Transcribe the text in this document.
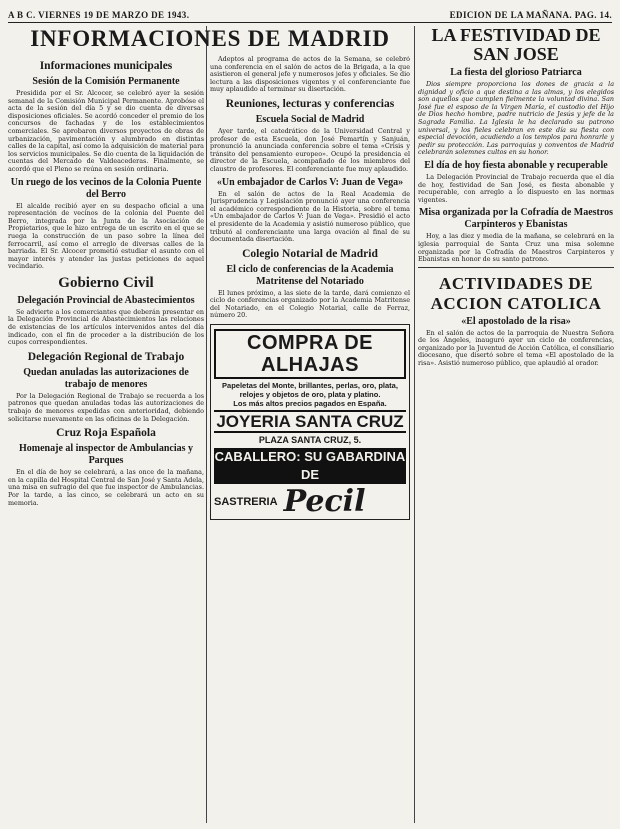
A B C. VIERNES 19 DE MARZO DE 1943.	EDICION DE LA MAÑANA. PAG. 14.
INFORMACIONES DE MADRID
Informaciones municipales
Sesión de la Comisión Permanente

Presidida por el Sr. Alcocer, se celebró ayer la sesión semanal de la Comisión Municipal Permanente. Aprobóse el acta de la sesión del día 5 y se dio cuenta de diversas disposiciones oficiales. Se acordó conceder el premio de los concursos de fachadas y de los establecimientos comerciales. Se aprobaron diversos proyectos de obras de urbanización, pavimentación y alumbrado en distintas calles de la capital, así como la adquisición de material para los servicios municipales. Se dio cuenta de la liquidación de cuentas del Mercado de Valdeacederas. Finalmente, se acordó que el Pleno se reúna en sesión ordinaria.

Un ruego de los vecinos de la Colonia Puente del Berro

El alcalde recibió ayer en su despacho oficial a una representación de vecinos de la colonia del Puente del Berro, integrada por la Junta de la Asociación de Propietarios, que le hizo entrega de un escrito en el que se ruega la construcción de un paso sobre la línea del ferrocarril, así como el arreglo de diversas calles de la barriada. El Sr. Alcocer prometió estudiar el asunto con el mayor interés y atender las justas peticiones de aquel vecindario.

Gobierno Civil
Delegación Provincial de Abastecimientos

Se advierte a los comerciantes que deberán presentar en la Delegación Provincial de Abastecimientos las relaciones de existencias de los artículos intervenidos antes del día indicado, con el fin de proceder a la distribución de los cupos correspondientes.

Delegación Regional de Trabajo
Quedan anuladas las autorizaciones de trabajo de menores

Por la Delegación Regional de Trabajo se recuerda a los patronos que quedan anuladas todas las autorizaciones de trabajo de menores expedidas con anterioridad, debiendo solicitarse nuevamente en las oficinas de la Delegación.

Cruz Roja Española
Homenaje al inspector de Ambulancias y Parques

En el día de hoy se celebrará, a las once de la mañana, en la capilla del Hospital Central de San José y Santa Adela, una misa en sufragio del que fue inspector de Ambulancias. Por la tarde, a las cinco, se celebrará un acto en su memoria.

Adeptos al programa de actos de la Semana, se celebró una conferencia en el salón de actos de la Brigada, a la que asistieron el general jefe y numerosos jefes y oficiales. Se dio lectura a las disposiciones vigentes y el conferenciante fue muy aplaudido al terminar su disertación.

Reuniones, lecturas y conferencias
Escuela Social de Madrid

Ayer tarde, el catedrático de la Universidad Central y profesor de esta Escuela, don José Pemartín y Sanjuán, pronunció la anunciada conferencia sobre el tema «Crisis y tránsito del pensamiento europeo». Ocupó la presidencia el director de la Escuela, acompañado de los miembros del claustro de profesores. El conferenciante fue muy aplaudido.

«Un embajador de Carlos V: Juan de Vega»

En el salón de actos de la Real Academia de Jurisprudencia y Legislación pronunció ayer una conferencia el académico correspondiente de la Historia, sobre el tema «Un embajador de Carlos V: Juan de Vega». Presidió el acto el presidente de la Academia y asistió numeroso público, que tributó al conferenciante una larga ovación al final de su documentada disertación.

Colegio Notarial de Madrid
El ciclo de conferencias de la Academia Matritense del Notariado

El lunes próximo, a las siete de la tarde, dará comienzo el ciclo de conferencias organizado por la Academia Matritense del Notariado, en el Colegio Notarial, calle de Ferraz, número 20.

COMPRA DE ALHAJAS
Papeletas del Monte, brillantes, perlas, oro, plata, relojes y objetos de oro, plata y platino.
Los más altos precios pagados en España.
JOYERIA SANTA CRUZ
PLAZA SANTA CRUZ, 5.
CABALLERO: SU GABARDINA DE
SASTRERIA Pecil
LA FESTIVIDAD DE
SAN JOSE
La fiesta del glorioso Patriarca

Dios siempre proporciona los dones de gracia a la dignidad y oficio a que destina a las almas, y los elegidos son aquellos que cumplen fielmente la voluntad divina. San José fue el esposo de la Virgen María, el custodio del Hijo de Dios hecho hombre, padre nutricio de Jesús y jefe de la Sagrada Familia. La Iglesia le ha declarado su patrono universal, y los fieles celebran en este día su fiesta con especial devoción, acudiendo a los templos para honrarle y pedir su protección. Las parroquias y conventos de Madrid celebrarán solemnes cultos en su honor.

El día de hoy fiesta abonable y recuperable

La Delegación Provincial de Trabajo recuerda que el día de hoy, festividad de San José, es fiesta abonable y recuperable, con arreglo a lo dispuesto en las normas vigentes.

Misa organizada por la Cofradía de Maestros Carpinteros y Ebanistas

Hoy, a las diez y media de la mañana, se celebrará en la iglesia parroquial de Santa Cruz una misa solemne organizada por la Cofradía de Maestros Carpinteros y Ebanistas en honor de su santo patrono.

ACTIVIDADES DE
ACCION CATOLICA
«El apostolado de la risa»

En el salón de actos de la parroquia de Nuestra Señora de los Ángeles, inauguró ayer un ciclo de conferencias, organizado por la Juventud de Acción Católica, el consiliario diocesano, que disertó sobre el tema «El apostolado de la risa». Asistió numeroso público, que aplaudió al orador.
